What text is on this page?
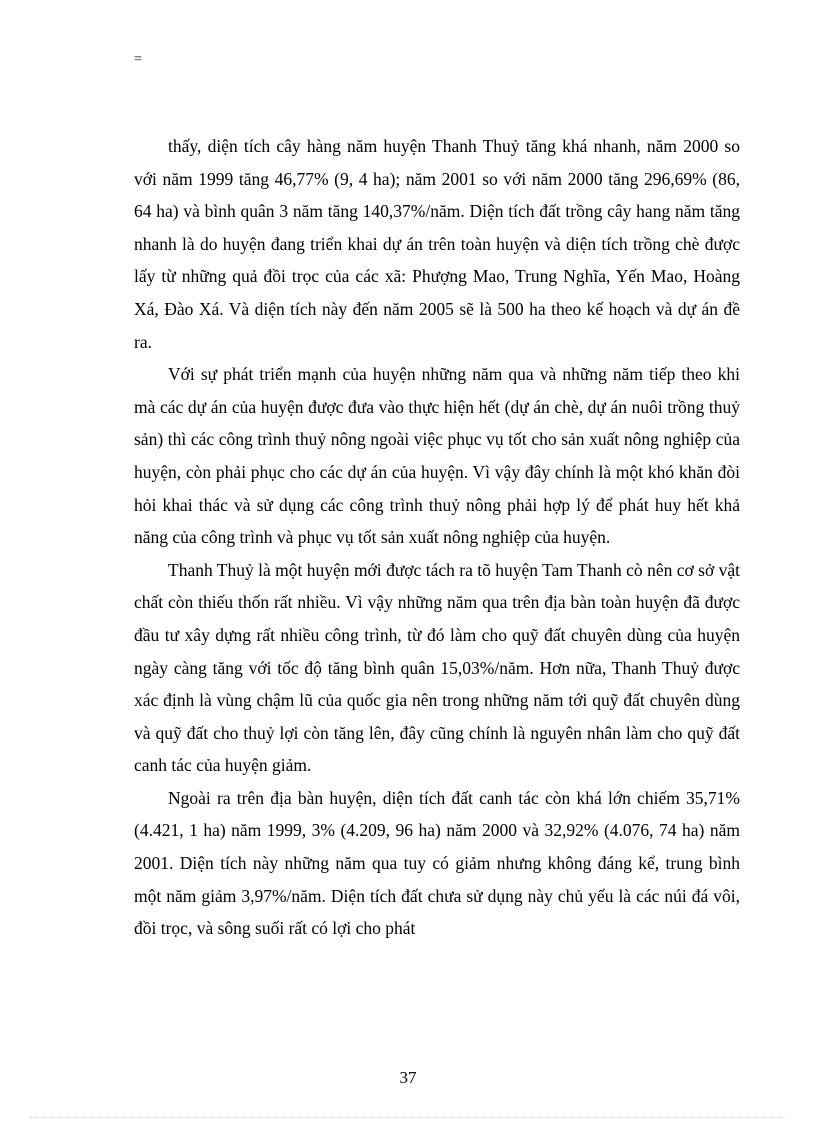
=

thấy, diện tích cây hàng năm huyện Thanh Thuỷ tăng khá nhanh, năm 2000 so với năm 1999 tăng 46,77% (9, 4 ha); năm 2001 so với năm 2000 tăng 296,69% (86, 64 ha) và bình quân 3 năm tăng 140,37%/năm. Diện tích đất trồng cây hang năm tăng nhanh là do huyện đang triển khai dự án trên toàn huyện và diện tích trồng chè được lấy từ những quả đồi trọc của các xã: Phượng Mao, Trung Nghĩa, Yến Mao, Hoàng Xá, Đào Xá. Và diện tích này đến năm 2005 sẽ là 500 ha theo kế hoạch và dự án đề ra.

Với sự phát triển mạnh của huyện những năm qua và những năm tiếp theo khi mà các dự án của huyện được đưa vào thực hiện hết (dự án chè, dự án nuôi trồng thuỷ sản) thì các công trình thuỷ nông ngoài việc phục vụ tốt cho sản xuất nông nghiệp của huyện, còn phải phục cho các dự án của huyện. Vì vậy đây chính là một khó khăn đòi hỏi khai thác và sử dụng các công trình thuỷ nông phải hợp lý để phát huy hết khả năng của công trình và phục vụ tốt sản xuất nông nghiệp của huyện.

Thanh Thuỷ là một huyện mới được tách ra tõ huyện Tam Thanh cò nên cơ sở vật chất còn thiếu thốn rất nhiều. Vì vậy những năm qua trên địa bàn toàn huyện đã được đầu tư xây dựng rất nhiều công trình, từ đó làm cho quỹ đất chuyên dùng của huyện ngày càng tăng với tốc độ tăng bình quân 15,03%/năm. Hơn nữa, Thanh Thuỷ được xác định là vùng chậm lũ của quốc gia nên trong những năm tới quỹ đất chuyên dùng và quỹ đất cho thuỷ lợi còn tăng lên, đây cũng chính là nguyên nhân làm cho quỹ đất canh tác của huyện giảm.

Ngoài ra trên địa bàn huyện, diện tích đất canh tác còn khá lớn chiếm 35,71% (4.421, 1 ha) năm 1999, 3% (4.209, 96 ha) năm 2000 và 32,92% (4.076, 74 ha) năm 2001. Diện tích này những năm qua tuy có giảm nhưng không đáng kể, trung bình một năm giảm 3,97%/năm. Diện tích đất chưa sử dụng này chủ yếu là các núi đá vôi, đồi trọc, và sông suối rất có lợi cho phát

37
